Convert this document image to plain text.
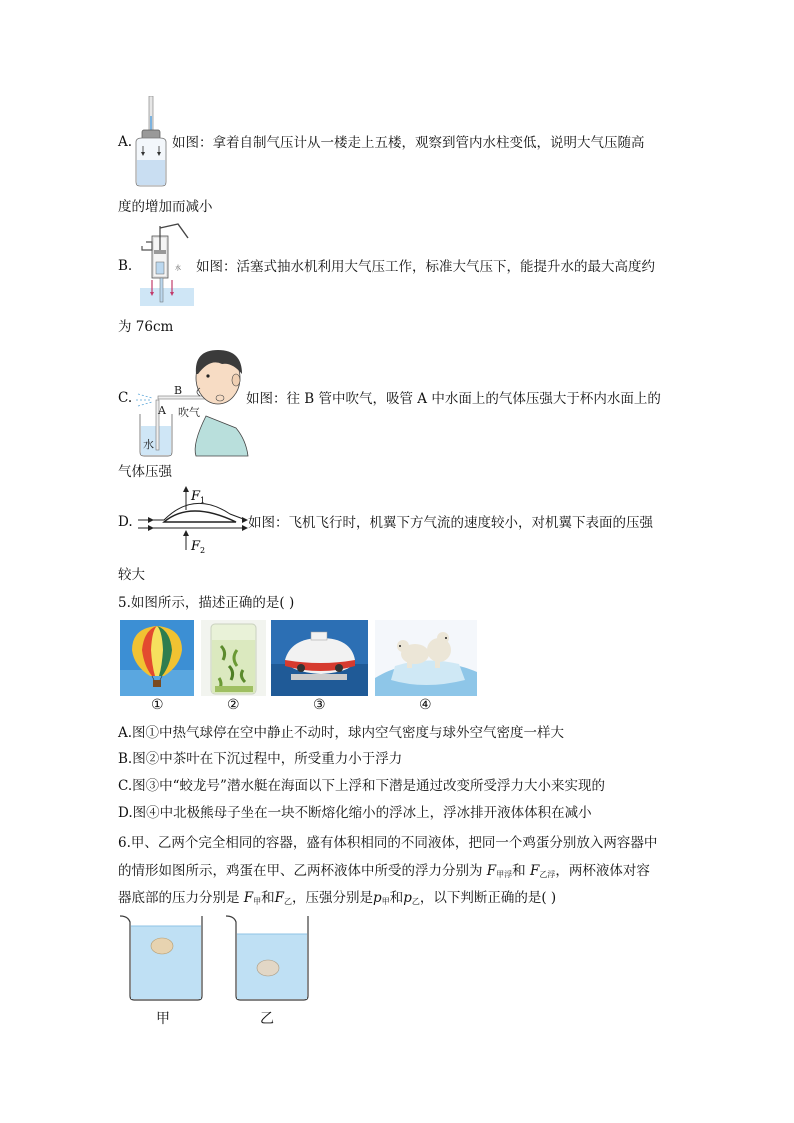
A.	如图：拿着自制气压计从一楼走上五楼，观察到管内水柱变低，说明大气压随高
度的增加而减小
B.	水 如图：活塞式抽水机利用大气压工作，标准大气压下，能提升水的最大高度约
为 76cm
C.
水
A
B
吹气
如图：往 B 管中吹气，吸管 A 中水面上的气体压强大于杯内水面上的
气体压强
D.
$F_1$
$F_2$
如图：飞机飞行时，机翼下方气流的速度较小，对机翼下表面的压强
较大
5.如图所示，描述正确的是( )
①	②	③	④
A.图①中热气球停在空中静止不动时，球内空气密度与球外空气密度一样大
B.图②中茶叶在下沉过程中，所受重力小于浮力
C.图③中“蛟龙号”潜水艇在海面以下上浮和下潜是通过改变所受浮力大小来实现的
D.图④中北极熊母子坐在一块不断熔化缩小的浮冰上，浮冰排开液体体积在减小
6.甲、乙两个完全相同的容器，盛有体积相同的不同液体，把同一个鸡蛋分别放入两容器中
的情形如图所示，鸡蛋在甲、乙两杯液体中所受的浮力分别为 $F_{甲浮}$和 $F_{乙浮}$，两杯液体对容
器底部的压力分别是 $F_甲$和$F_乙$，压强分别是$p_甲$和$p_乙$，以下判断正确的是( )
甲	乙
